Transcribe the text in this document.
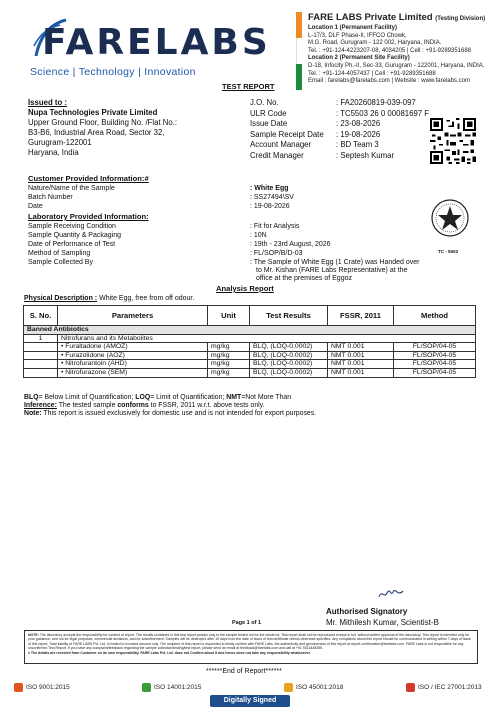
FARELABS
Science | Technology | Innovation
FARE LABS Private Limited (Testing Division)
Location 1 (Permanent Facility)
L-17/3, DLF Phase-II, IFFCO Chowk,
M.G. Road, Gurugram - 122 002, Haryana, INDIA.
Tel. : +91-124-4223207-08, 4034205 | Cell : +91-9289351688
Location 2 (Permanent Site Facility)
D-18, Infocity Ph.-II, Sec-33, Gurugram - 122001, Haryana, INDIA.
Tel. : +91-124-4057437 | Cell : +91-9289351688
Email : farelabs@farelabs.com | Website : www.farelabs.com
TEST REPORT
Issued to :
Nupa Technologies Private Limited
Upper Ground Floor, Building No. /Flat No.:
B3-B6, Industrial Area Road, Sector 32,
Gurugram-122001
Haryana, India
J.O. No.	: FA20260819-039-097
ULR Code	: TC5503 26 0 00081697 F
Issue Date	: 23-08-2026
Sample Receipt Date	: 19-08-2026
Account Manager	: BD Team 3
Credit Manager	: Septesh Kumar
Customer Provided Information:#
Nature/Name of the Sample	: White Egg
Batch Number	: SS27494\SV
Date	: 19-08-2026
Laboratory Provided Information:
Sample Receiving Condition	: Fit for Analysis
Sample Quantity & Packaging	: 10N
Date of Performance of Test	: 19th - 23rd August, 2026
Method of Sampling	: FL/SOP/B/D-03
Sample Collected By	: The Sample of White Egg (1 Crate) was Handed over
to Mr. Kishan (FARE Labs Representative) at the
office at the premises of Eggoz
TC - 5503
Analysis Report
Physical Description : White Egg, free from off odour.
S. No.	Parameters	Unit	Test Results	FSSR, 2011	Method
Banned Antibiotics					
1	Nitrofurans and its Metabolites				
	• Furaltadone (AMOZ)	mg/kg	BLQ, (LOQ-0.0002)	NMT 0.001	FL/SOP/04-05
	• Furazolidone (AOZ)	mg/kg	BLQ, (LOQ-0.0002)	NMT 0.001	FL/SOP/04-05
	• Nitrofurantoin (AHD)	mg/kg	BLQ, (LOQ-0.0002)	NMT 0.001	FL/SOP/04-05
	• Nitrofurazone (SEM)	mg/kg	BLQ, (LOQ-0.0002)	NMT 0.001	FL/SOP/04-05
BLQ= Below Limit of Quantification; LOQ= Limit of Quantification; NMT=Not More Than
Inference: The tested sample conforms to FSSR, 2011 w.r.t. above tests only.
Note: This report is issued exclusively for domestic use and is not intended for export purposes.
Authorised Signatory
Mr. Mithilesh Kumar, Scientist-B
Page 1 of 1
NOTE: The laboratory accepts the responsibility for content of report. The results contained in this test report pertain only to the sample tested not for the whole lot. Test report shall not be reproduced except in full, without written approval of the laboratory. This report is intended only for your guidance, and not for legal purposes, commercial decisions, and for advertisement. Samples will be destroyed after 15 days from the date of issue of test certificate unless otherwise specified. Any complaints about this report should be communicated in writing within 7 days of issue of this report. Total liability of FARE LABS Pvt. Ltd. is limited to invoiced amount only. The recipient of this report is requested to kindly confirm with FARE Labs, the authenticity and genuineness of this report at report.confirmation@farelabs.com. FARE Labs is not responsible for any unconfirmed Test Report. If you have any complaint/feedback regarding the sample collection/testing/test report, please send an email at feedback@farelabs.com and call at +91 9311848355.
# The details are received from Customer on its own responsibility. FARE Labs Pvt. Ltd. does not Confirm about it and hence does not take any responsibility whatsoever.
******End of Report******
ISO 9001:2015	ISO 14001:2015	ISO 45001:2018	ISO / IEC 27001:2013
Digitally Signed
